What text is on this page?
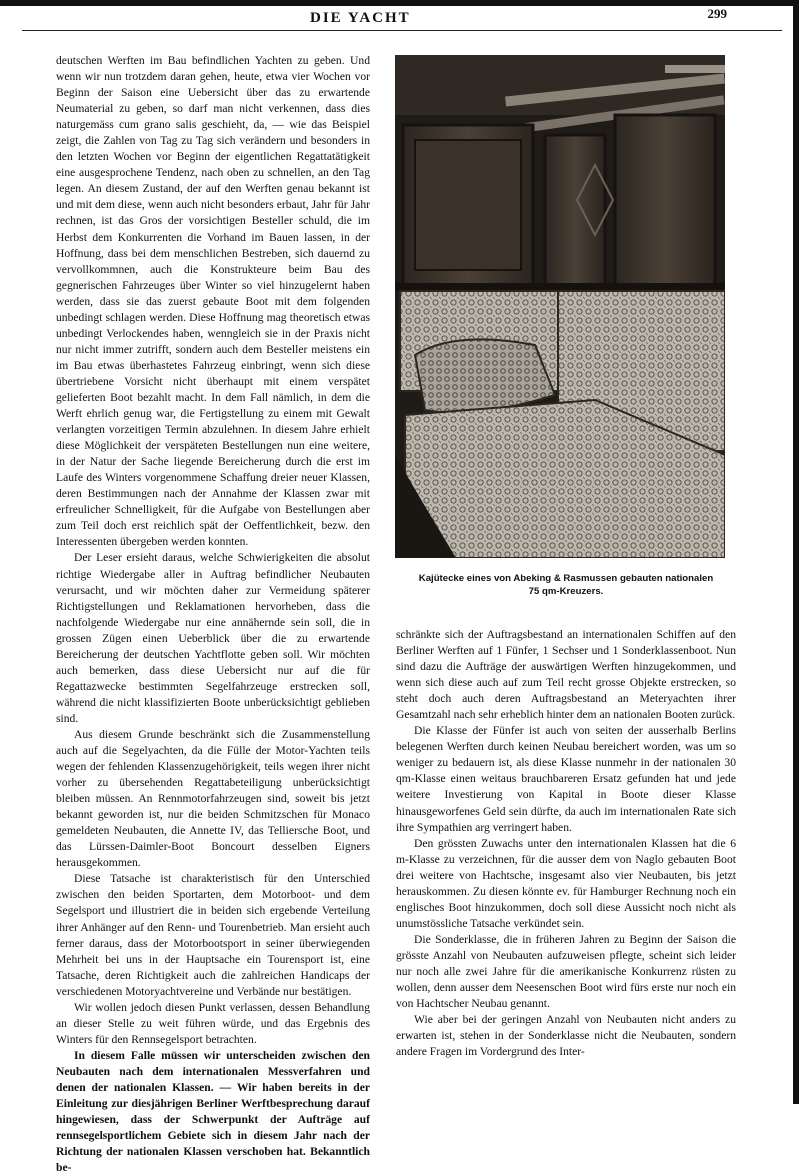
DIE YACHT	299

deutschen Werften im Bau befindlichen Yachten zu geben. Und wenn wir nun trotzdem daran gehen, heute, etwa vier Wochen vor Beginn der Saison eine Uebersicht über das zu erwartende Neumaterial zu geben, so darf man nicht verkennen, dass dies naturgemäss cum grano salis geschieht, da, — wie das Beispiel zeigt, die Zahlen von Tag zu Tag sich verändern und besonders in den letzten Wochen vor Beginn der eigentlichen Regattatätigkeit eine ausgesprochene Tendenz, nach oben zu schnellen, an den Tag legen. An diesem Zustand, der auf den Werften genau bekannt ist und mit dem diese, wenn auch nicht besonders erbaut, Jahr für Jahr rechnen, ist das Gros der vorsichtigen Besteller schuld, die im Herbst dem Konkurrenten die Vorhand im Bauen lassen, in der Hoffnung, dass bei dem menschlichen Bestreben, sich dauernd zu vervollkommnen, auch die Konstrukteure beim Bau des gegnerischen Fahrzeuges über Winter so viel hinzugelernt haben werden, dass sie das zuerst gebaute Boot mit dem folgenden unbedingt schlagen werden. Diese Hoffnung mag theoretisch etwas unbedingt Verlockendes haben, wenngleich sie in der Praxis nicht nur nicht immer zutrifft, sondern auch dem Besteller meistens ein im Bau etwas überhastetes Fahrzeug einbringt, wenn sich diese übertriebene Vorsicht nicht überhaupt mit einem verspätet gelieferten Boot bezahlt macht. In dem Fall nämlich, in dem die Werft ehrlich genug war, die Fertigstellung zu einem mit Gewalt verlangten vorzeitigen Termin abzulehnen. In diesem Jahre erhielt diese Möglichkeit der verspäteten Bestellungen nun eine weitere, in der Natur der Sache liegende Bereicherung durch die erst im Laufe des Winters vorgenommene Schaffung dreier neuer Klassen, deren Bestimmungen nach der Annahme der Klassen zwar mit erfreulicher Schnelligkeit, für die Aufgabe von Bestellungen aber zum Teil doch erst reichlich spät der Oeffentlichkeit, bezw. den Interessenten übergeben werden konnten.

Der Leser ersieht daraus, welche Schwierigkeiten die absolut richtige Wiedergabe aller in Auftrag befindlicher Neubauten verursacht, und wir möchten daher zur Vermeidung späterer Richtigstellungen und Reklamationen hervorheben, dass die nachfolgende Wiedergabe nur eine annähernde sein soll, die in grossen Zügen einen Ueberblick über die zu erwartende Bereicherung der deutschen Yachtflotte geben soll. Wir möchten auch bemerken, dass diese Uebersicht nur auf die für Regattazwecke bestimmten Segelfahrzeuge erstrecken soll, während die nicht klassifizierten Boote unberücksichtigt geblieben sind.

Aus diesem Grunde beschränkt sich die Zusammenstellung auch auf die Segelyachten, da die Fülle der Motor-Yachten teils wegen der fehlenden Klassenzugehörigkeit, teils wegen ihrer nicht vorher zu übersehenden Regattabeteiligung unberücksichtigt bleiben müssen. An Rennmotorfahrzeugen sind, soweit bis jetzt bekannt geworden ist, nur die beiden Schmitzschen für Monaco gemeldeten Neubauten, die Annette IV, das Telliersche Boot, und das Lürssen-Daimler-Boot Boncourt desselben Eigners herausgekommen.

Diese Tatsache ist charakteristisch für den Unterschied zwischen den beiden Sportarten, dem Motorboot- und dem Segelsport und illustriert die in beiden sich ergebende Verteilung ihrer Anhänger auf den Renn- und Tourenbetrieb. Man ersieht auch ferner daraus, dass der Motorbootsport in seiner überwiegenden Mehrheit bei uns in der Hauptsache ein Tourensport ist, eine Tatsache, deren Richtigkeit auch die zahlreichen Handicaps der verschiedenen Motoryachtvereine und Verbände nur bestätigen.

Wir wollen jedoch diesen Punkt verlassen, dessen Behandlung an dieser Stelle zu weit führen würde, und das Ergebnis des Winters für den Rennsegelsport betrachten.

In diesem Falle müssen wir unterscheiden zwischen den Neubauten nach dem internationalen Messverfahren und denen der nationalen Klassen. — Wir haben bereits in der Einleitung zur diesjährigen Berliner Werftbesprechung darauf hingewiesen, dass der Schwerpunkt der Aufträge auf rennsegelsportlichem Gebiete sich in diesem Jahr nach der Richtung der nationalen Klassen verschoben hat. Bekanntlich be-

Kajütecke eines von Abeking & Rasmussen gebauten nationalen
75 qm-Kreuzers.

schränkte sich der Auftragsbestand an internationalen Schiffen auf den Berliner Werften auf 1 Fünfer, 1 Sechser und 1 Sonderklassenboot. Nun sind dazu die Aufträge der auswärtigen Werften hinzugekommen, und wenn sich diese auch auf zum Teil recht grosse Objekte erstrecken, so steht doch auch deren Auftragsbestand an Meteryachten ihrer Gesamtzahl nach sehr erheblich hinter dem an nationalen Booten zurück.

Die Klasse der Fünfer ist auch von seiten der ausserhalb Berlins belegenen Werften durch keinen Neubau bereichert worden, was um so weniger zu bedauern ist, als diese Klasse nunmehr in der nationalen 30 qm-Klasse einen weitaus brauchbareren Ersatz gefunden hat und jede weitere Investierung von Kapital in Boote dieser Klasse hinausgeworfenes Geld sein dürfte, da auch im internationalen Rate sich ihre Sympathien arg verringert haben.

Den grössten Zuwachs unter den internationalen Klassen hat die 6 m-Klasse zu verzeichnen, für die ausser dem von Naglo gebauten Boot drei weitere von Hachtsche, insgesamt also vier Neubauten, bis jetzt herauskommen. Zu diesen könnte ev. für Hamburger Rechnung noch ein englisches Boot hinzukommen, doch soll diese Aussicht noch nicht als unumstössliche Tatsache verkündet sein.

Die Sonderklasse, die in früheren Jahren zu Beginn der Saison die grösste Anzahl von Neubauten aufzuweisen pflegte, scheint sich leider nur noch alle zwei Jahre für die amerikanische Konkurrenz rüsten zu wollen, denn ausser dem Neesenschen Boot wird fürs erste nur noch ein von Hachtscher Neubau genannt.

Wie aber bei der geringen Anzahl von Neubauten nicht anders zu erwarten ist, stehen in der Sonderklasse nicht die Neubauten, sondern andere Fragen im Vordergrund des Inter-
